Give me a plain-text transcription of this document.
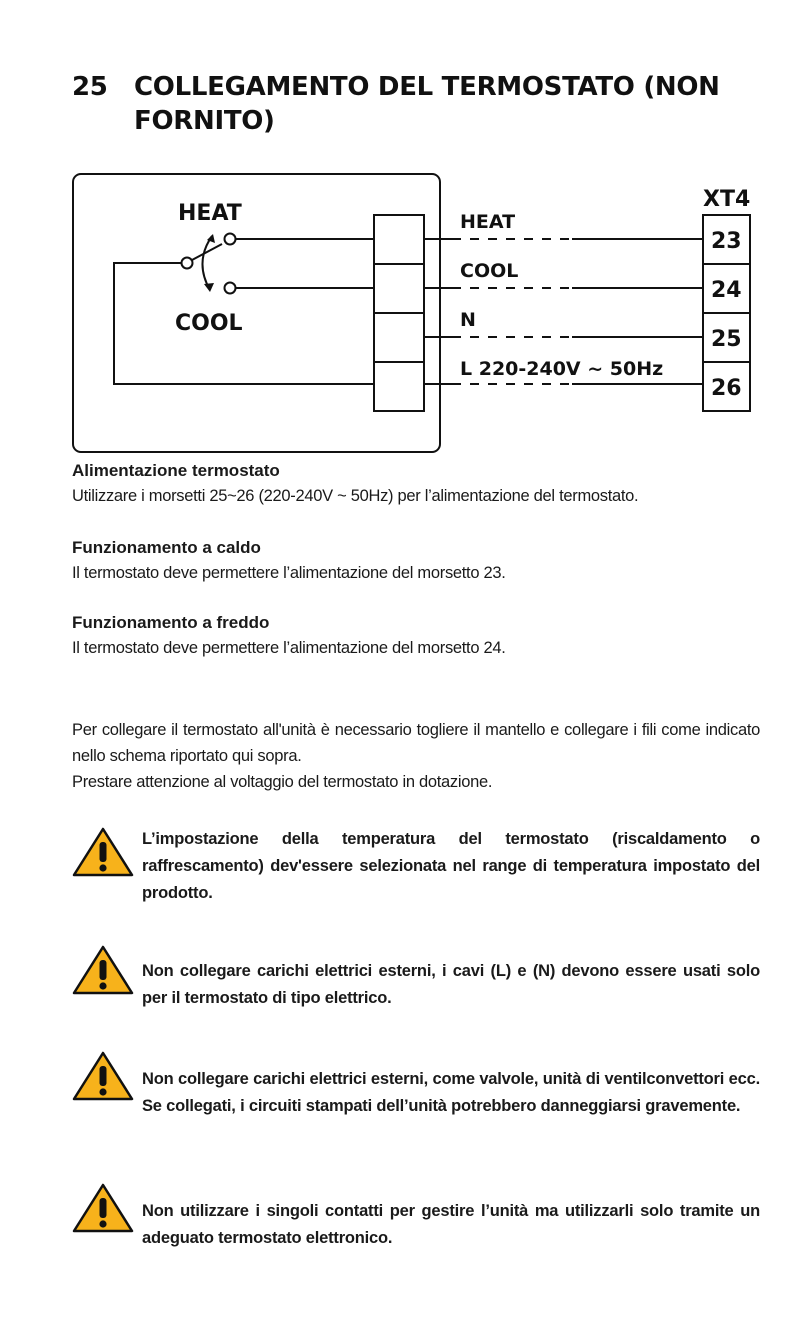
25 COLLEGAMENTO DEL TERMOSTATO (NON FORNITO)
HEAT
COOL
HEAT
COOL
N
L 220-240V ~ 50Hz
XT4
23
24
25
26
Alimentazione termostato
Utilizzare i morsetti 25~26 (220-240V ~ 50Hz) per l’alimentazione del termostato.
Funzionamento a caldo
Il termostato deve permettere l’alimentazione del morsetto 23.
Funzionamento a freddo
Il termostato deve permettere l’alimentazione del morsetto 24.
Per collegare il termostato all'unità è necessario togliere il mantello e collegare i fili come indicato nello schema riportato qui sopra.
Prestare attenzione al voltaggio del termostato in dotazione.
L’impostazione della temperatura del termostato (riscaldamento o raffrescamento) dev'essere selezionata nel range di temperatura impostato del prodotto.
Non collegare carichi elettrici esterni, i cavi (L) e (N) devono essere usati solo per il termostato di tipo elettrico.
Non collegare carichi elettrici esterni, come valvole, unità di ventilconvettori ecc. Se collegati, i circuiti stampati dell’unità potrebbero danneggiarsi gravemente.
Non utilizzare i singoli contatti per gestire l’unità ma utilizzarli solo tramite un adeguato termostato elettronico.
